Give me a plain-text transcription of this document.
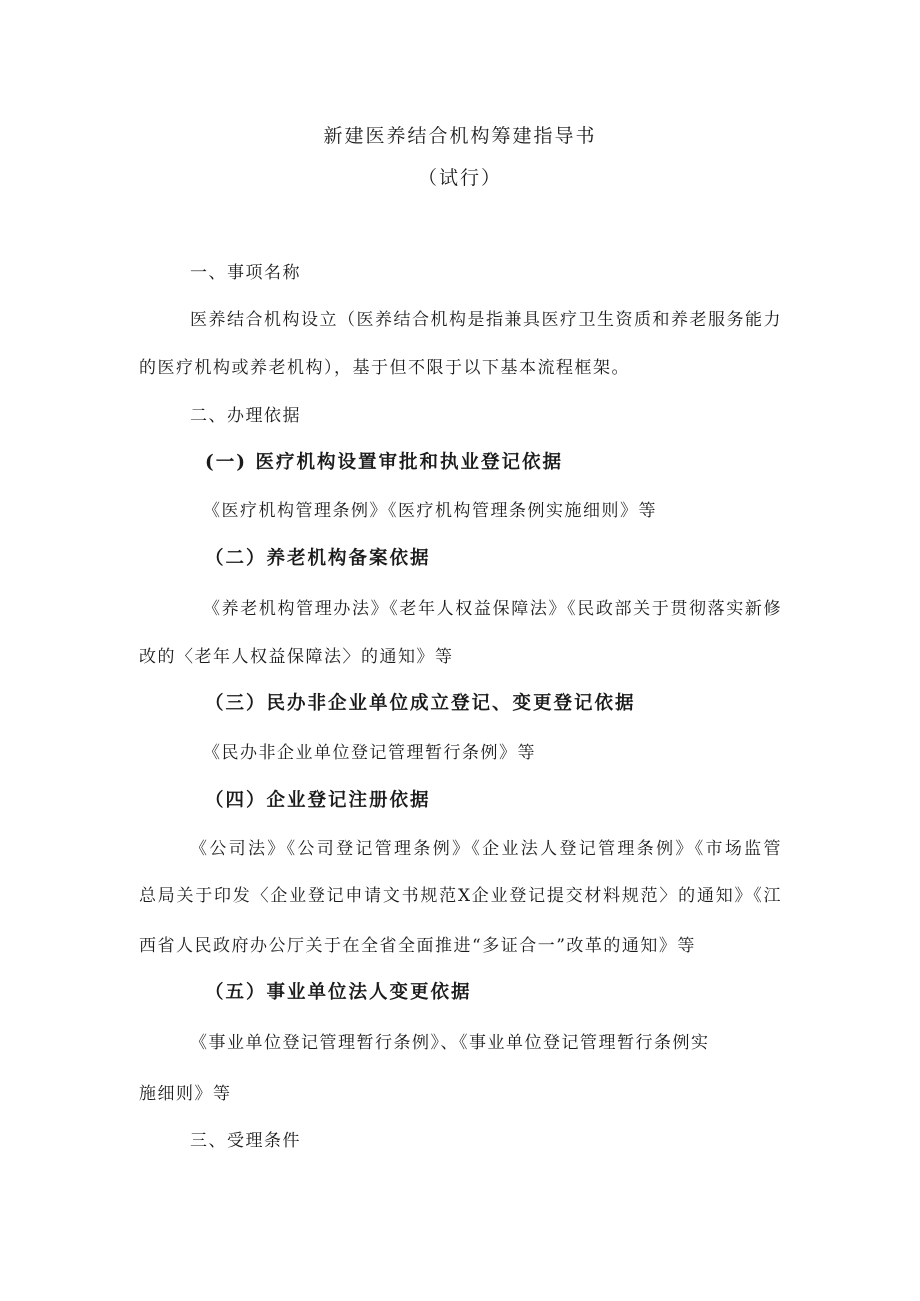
新建医养结合机构筹建指导书
（试行）
一、事项名称
医养结合机构设立（医养结合机构是指兼具医疗卫生资质和养老服务能力
的医疗机构或养老机构），基于但不限于以下基本流程框架。
二、办理依据
(一) 医疗机构设置审批和执业登记依据
《医疗机构管理条例》《医疗机构管理条例实施细则》等
（二）养老机构备案依据
《养老机构管理办法》《老年人权益保障法》《民政部关于贯彻落实新修
改的〈老年人权益保障法〉的通知》等
（三）民办非企业单位成立登记、变更登记依据
《民办非企业单位登记管理暂行条例》等
（四）企业登记注册依据
《公司法》《公司登记管理条例》《企业法人登记管理条例》《市场监管
总局关于印发〈企业登记申请文书规范X企业登记提交材料规范〉的通知》《江
西省人民政府办公厅关于在全省全面推进“多证合一”改革的通知》等
（五）事业单位法人变更依据
《事业单位登记管理暂行条例》、《事业单位登记管理暂行条例实
施细则》等
三、受理条件
